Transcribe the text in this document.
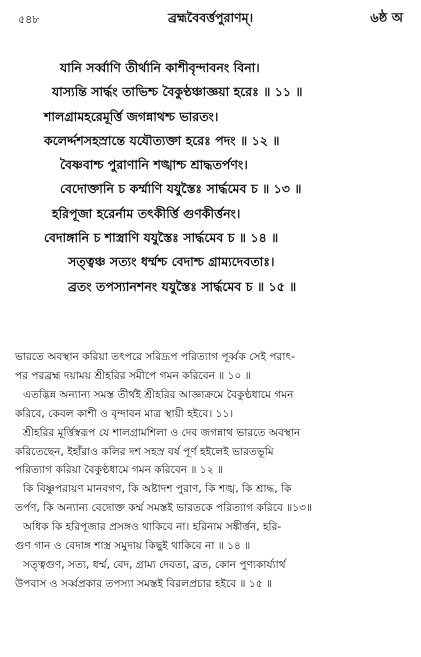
৫৪৮	ব্রহ্মবৈবর্ত্তপুরাণম্।	৬ষ্ঠ অ
যানি সর্ব্বাণি তীর্থানি কাশীবৃন্দাবনং বিনা।
যাস্যন্তি সার্দ্ধং তাভিশ্চ বৈকুণ্ঠঞ্চাজ্ঞয়া হরেঃ ॥ ১১ ॥
শালগ্রামহরেমূর্ত্তি জগন্নাথশ্চ ভারতং।
কলেৰ্দ্দশসহস্রান্তে যযৌত্যক্তা হরেঃ পদং ॥ ১২ ॥
বৈষ্ণবাশ্চ পুরাণানি শঙ্খাশ্চ শ্রাদ্ধতর্পণং।
বেদোক্তানি চ কর্ম্মাণি যযুস্তৈঃ সার্দ্ধমেব চ ॥ ১৩ ॥
হরিপূজা হরের্নাম তৎকীর্ত্তি গুণকীর্ত্তনং।
বেদাঙ্গানি চ শাস্ত্রাণি যযুস্তৈঃ সার্দ্ধমেব চ ॥ ১৪ ॥
সত্ত্বঞ্চ সত্যং ধর্ম্মশ্চ বেদাশ্চ গ্রাম্যদেবতাঃ।
ব্রতং তপস্যানশনং যযুস্তৈঃ সার্দ্ধমেব চ ॥ ১৫ ॥

ভারতে অবস্থান করিয়া তৎপরে সরিদ্রূপ পরিত্যাগ পূর্ব্বক সেই পরাৎ-
পর পরব্রহ্ম দয়াময় শ্রীহরির সমীপে গমন করিবেন ॥ ১০ ॥

এতদ্ভিন্ন অন্যান্য সমস্ত তীর্থই শ্রীহরির আজ্ঞাক্রমে বৈকুণ্ঠধামে গমন
করিবে, কেবল কাশী ও বৃন্দাবন মাত্র স্থায়ী হইবে। ১১।

শ্রীহরির মূর্ত্তিস্বরূপ যে শালগ্রামশিলা ও দেব জগন্নাথ ভারতে অবস্থান
করিতেছেন, ইহাঁরাও কলির দশ সহস্র বর্ষ পূর্ণ হইলেই ভারতভূমি
পরিত্যাগ করিয়া বৈকুণ্ঠধামে গমন করিবেন ॥ ১২ ॥

কি বিষ্ণুপরায়ণ মানবগণ, কি অষ্টাদশ পুরাণ, কি শঙ্খ, কি শ্রাদ্ধ, কি
তর্পণ, কি অন্যান্য বেদোক্ত কর্ম্ম সমস্তই ভারতকে পরিত্যাগ করিবে ॥১৩॥

অধিক কি হরিপূজার প্রসঙ্গও থাকিবে না। হরিনাম সঙ্কীর্ত্তন, হরি-
গুণ গান ও বেদাঙ্গ শাস্ত্র সমুদায় কিছুই থাকিবে না ॥ ১৪ ॥

সত্ত্বগুণ, সত্য, ধর্ম্ম, বেদ, গ্রাম্য দেবতা, ব্রত, কোন পুণ্যকার্য্যার্থ
উপবাস ও সর্ব্বপ্রকার তপস্যা সমস্তই বিরলপ্রচার হইবে ॥ ১৫ ॥
